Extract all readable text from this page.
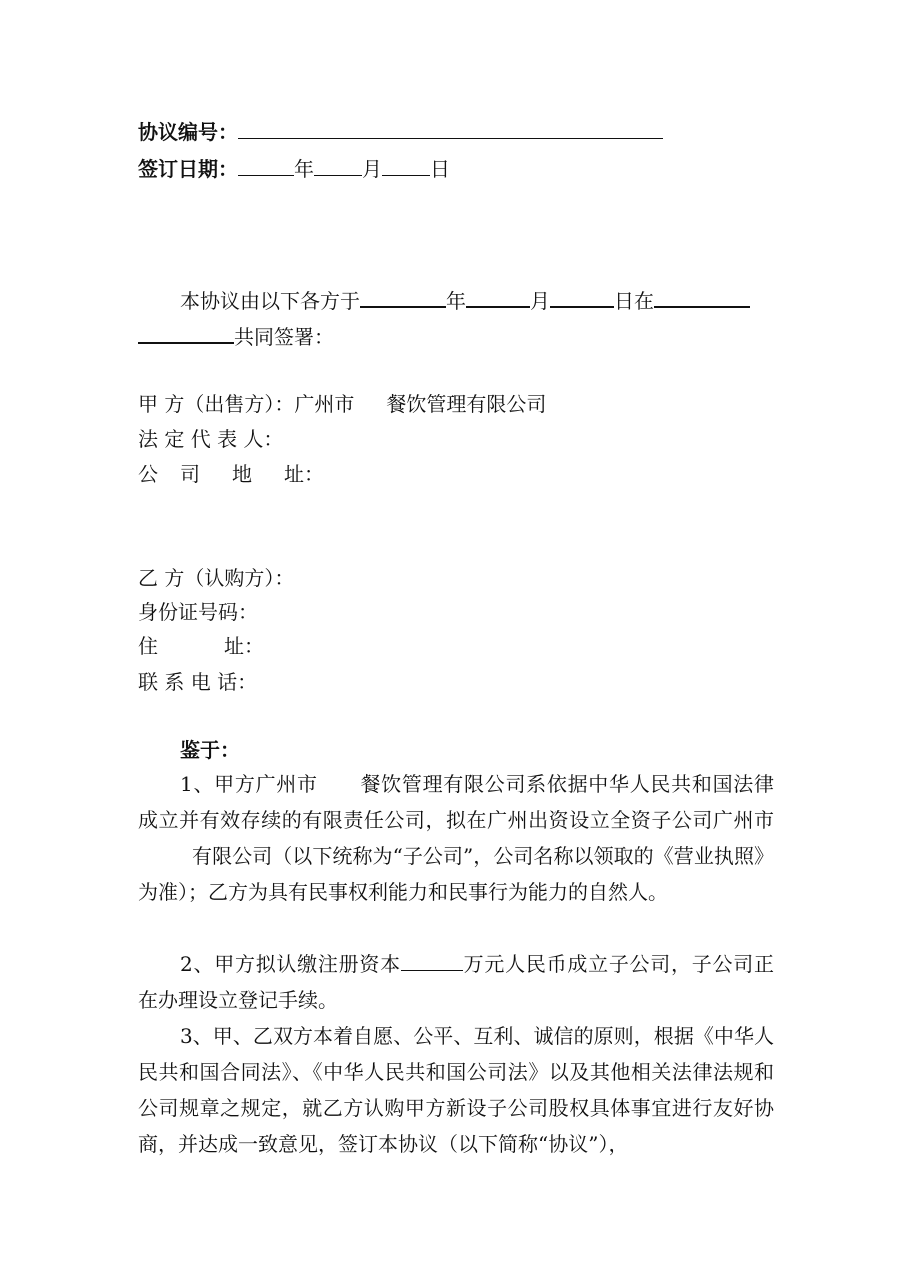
协议编号：
签订日期：	年 月 日
本协议由以下各方于	年	月	日在
共同签署：
甲 方（出售方）：广州市 餐饮管理有限公司
法 定 代 表 人：
公 司 地 址：
乙 方（认购方）：
身份证号码：
住	址：
联 系 电 话：
鉴于：
1、甲方广州市 餐饮管理有限公司系依据中华人民共和国法律成立并有效存续的有限责任公司，拟在广州出资设立全资子公司广州市有限公司（以下统称为“子公司”，公司名称以领取的《营业执照》为准）；乙方为具有民事权利能力和民事行为能力的自然人。
2、甲方拟认缴注册资本	万元人民币成立子公司，子公司正在办理设立登记手续。
3、甲、乙双方本着自愿、公平、互利、诚信的原则，根据《中华人民共和国合同法》、《中华人民共和国公司法》以及其他相关法律法规和公司规章之规定，就乙方认购甲方新设子公司股权具体事宜进行友好协商，并达成一致意见，签订本协议（以下简称“协议”），
